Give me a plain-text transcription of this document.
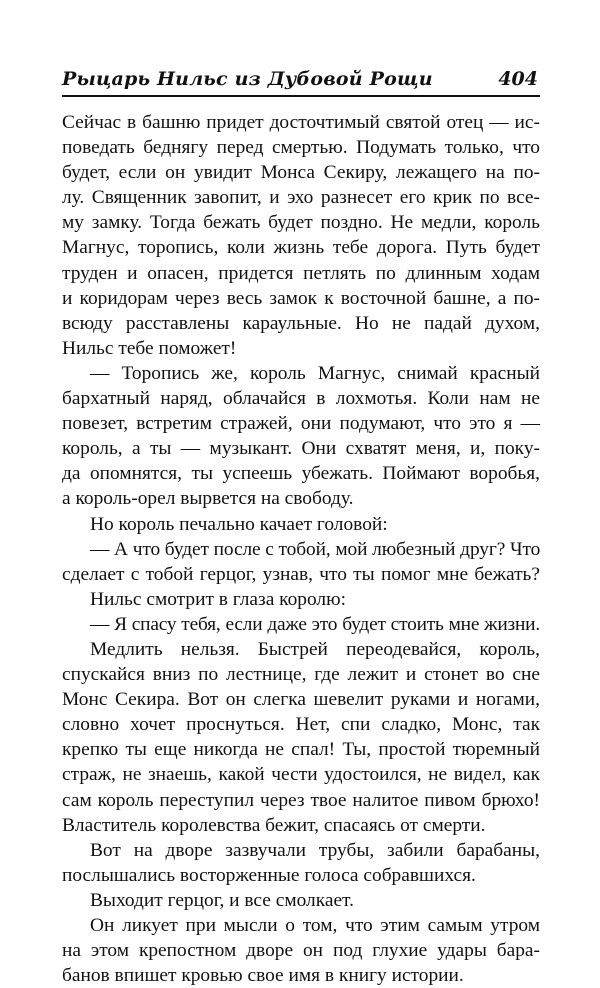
Рыцарь Нильс из Дубовой Рощи	404
Сейчас в башню придет досточтимый святой отец — ис-
поведать беднягу перед смертью. Подумать только, что
будет, если он увидит Монса Секиру, лежащего на по-
лу. Священник завопит, и эхо разнесет его крик по все-
му замку. Тогда бежать будет поздно. Не медли, король
Магнус, торопись, коли жизнь тебе дорога. Путь будет
труден и опасен, придется петлять по длинным ходам
и коридорам через весь замок к восточной башне, а по-
всюду расставлены караульные. Но не падай духом,
Нильс тебе поможет!
— Торопись же, король Магнус, снимай красный
бархатный наряд, облачайся в лохмотья. Коли нам не
повезет, встретим стражей, они подумают, что это я —
король, а ты — музыкант. Они схватят меня, и, поку-
да опомнятся, ты успеешь убежать. Поймают воробья,
а король-орел вырвется на свободу.
Но король печально качает головой:
— А что будет после с тобой, мой любезный друг? Что
сделает с тобой герцог, узнав, что ты помог мне бежать?
Нильс смотрит в глаза королю:
— Я спасу тебя, если даже это будет стоить мне жизни.
Медлить нельзя. Быстрей переодевайся, король,
спускайся вниз по лестнице, где лежит и стонет во сне
Монс Секира. Вот он слегка шевелит руками и ногами,
словно хочет проснуться. Нет, спи сладко, Монс, так
крепко ты еще никогда не спал! Ты, простой тюремный
страж, не знаешь, какой чести удостоился, не видел, как
сам король переступил через твое налитое пивом брюхо!
Властитель королевства бежит, спасаясь от смерти.
Вот на дворе зазвучали трубы, забили барабаны,
послышались восторженные голоса собравшихся.
Выходит герцог, и все смолкает.
Он ликует при мысли о том, что этим самым утром
на этом крепостном дворе он под глухие удары бара-
банов впишет кровью свое имя в книгу истории.
